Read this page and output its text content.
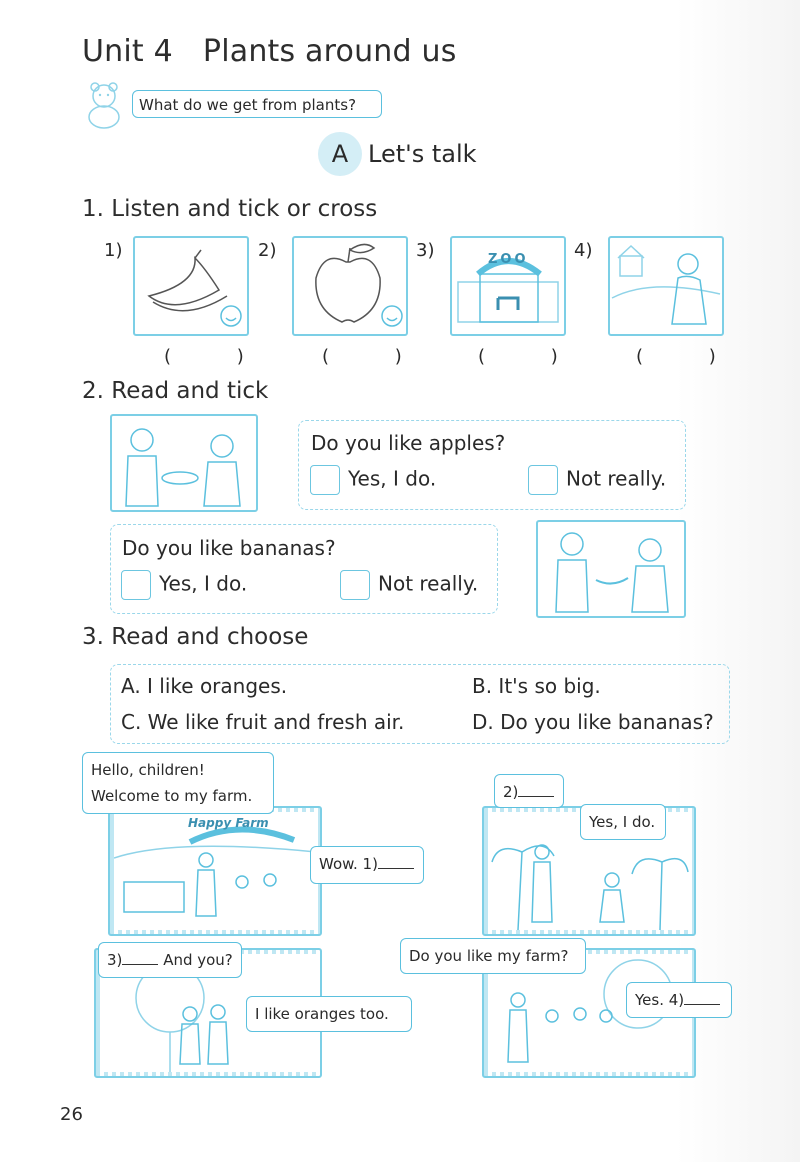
Unit 4 Plants around us
What do we get from plants?
A Let's talk
1. Listen and tick or cross
1)	2)	3)	ZOO	4)
( )	( )	( )	( )
2. Read and tick
Do you like apples?
Yes, I do.	Not really.
Do you like bananas?
Yes, I do.	Not really.
3. Read and choose
A. I like oranges.	B. It's so big.
C. We like fruit and fresh air.	D. Do you like bananas?
Happy Farm
Hello, children!
Welcome to my farm.
Wow. 1)
2)
Yes, I do.
3)	And you?
I like oranges too.
Do you like my farm?
Yes. 4)
26
